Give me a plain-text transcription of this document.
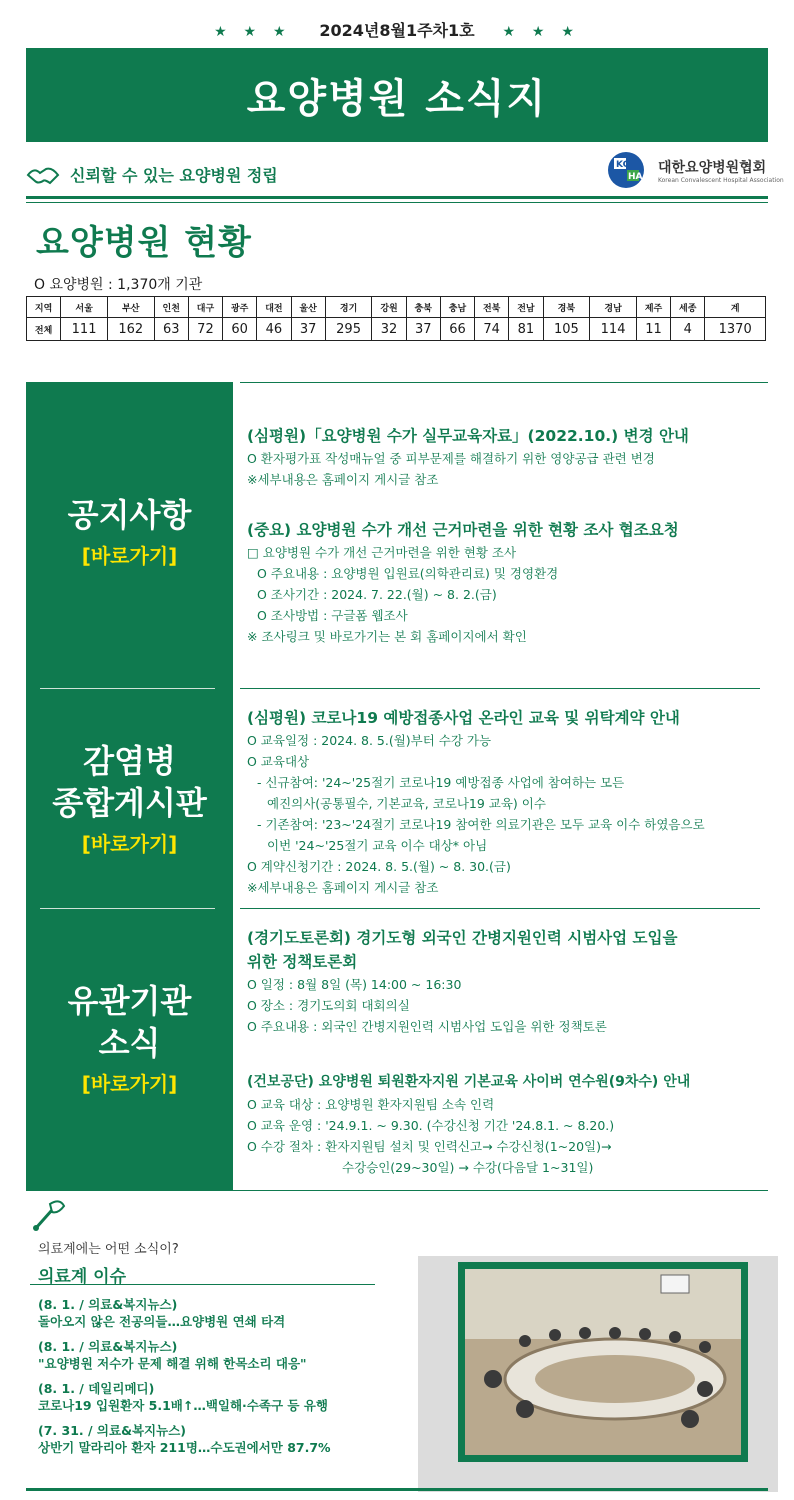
★ ★ ★ 2024년8월1주차1호 ★ ★ ★
요양병원 소식지
신뢰할 수 있는 요양병원 정립
KC
HA
대한요양병원협회
Korean Convalescent Hospital Association
요양병원 현황
O 요양병원 : 1,370개 기관
지역	서울	부산	인천	대구	광주	대전	울산	경기	강원	충북	충남	전북	전남	경북	경남	제주	세종	계
전체	111	162	63	72	60	46	37	295	32	37	66	74	81	105	114	11	4	1370
공지사항
[바로가기]
감염병
종합게시판
[바로가기]
유관기관
소식
[바로가기]
(심평원)「요양병원 수가 실무교육자료」(2022.10.) 변경 안내
O 환자평가표 작성매뉴얼 중 피부문제를 해결하기 위한 영양공급 관련 변경
※세부내용은 홈페이지 게시글 참조
(중요) 요양병원 수가 개선 근거마련을 위한 현황 조사 협조요청
□ 요양병원 수가 개선 근거마련을 위한 현황 조사
O 주요내용 : 요양병원 입원료(의학관리료) 및 경영환경
O 조사기간 : 2024. 7. 22.(월) ~ 8. 2.(금)
O 조사방법 : 구글폼 웹조사
※ 조사링크 및 바로가기는 본 회 홈페이지에서 확인
(심평원) 코로나19 예방접종사업 온라인 교육 및 위탁계약 안내
O 교육일정 : 2024. 8. 5.(월)부터 수강 가능
O 교육대상
- 신규참여: '24~'25절기 코로나19 예방접종 사업에 참여하는 모든
예진의사(공통필수, 기본교육, 코로나19 교육) 이수
- 기존참여: '23~'24절기 코로나19 참여한 의료기관은 모두 교육 이수 하였음으로
이번 '24~'25절기 교육 이수 대상* 아님
O 계약신청기간 : 2024. 8. 5.(월) ~ 8. 30.(금)
※세부내용은 홈페이지 게시글 참조
(경기도토론회) 경기도형 외국인 간병지원인력 시범사업 도입을
위한 정책토론회
O 일정 : 8월 8일 (목) 14:00 ~ 16:30
O 장소 : 경기도의회 대회의실
O 주요내용 : 외국인 간병지원인력 시범사업 도입을 위한 정책토론
(건보공단) 요양병원 퇴원환자지원 기본교육 사이버 연수원(9차수) 안내
O 교육 대상 : 요양병원 환자지원팀 소속 인력
O 교육 운영 : '24.9.1. ~ 9.30. (수강신청 기간 '24.8.1. ~ 8.20.)
O 수강 절차 : 환자지원팀 설치 및 인력신고→ 수강신청(1~20일)→
수강승인(29~30일) → 수강(다음달 1~31일)
의료계에는 어떤 소식이?
의료계 이슈
(8. 1. / 의료&복지뉴스)
돌아오지 않은 전공의들…요양병원 연쇄 타격
(8. 1. / 의료&복지뉴스)
"요양병원 저수가 문제 해결 위해 한목소리 대응"
(8. 1. / 데일리메디)
코로나19 입원환자 5.1배↑…백일해·수족구 등 유행
(7. 31. / 의료&복지뉴스)
상반기 말라리아 환자 211명…수도권에서만 87.7%
